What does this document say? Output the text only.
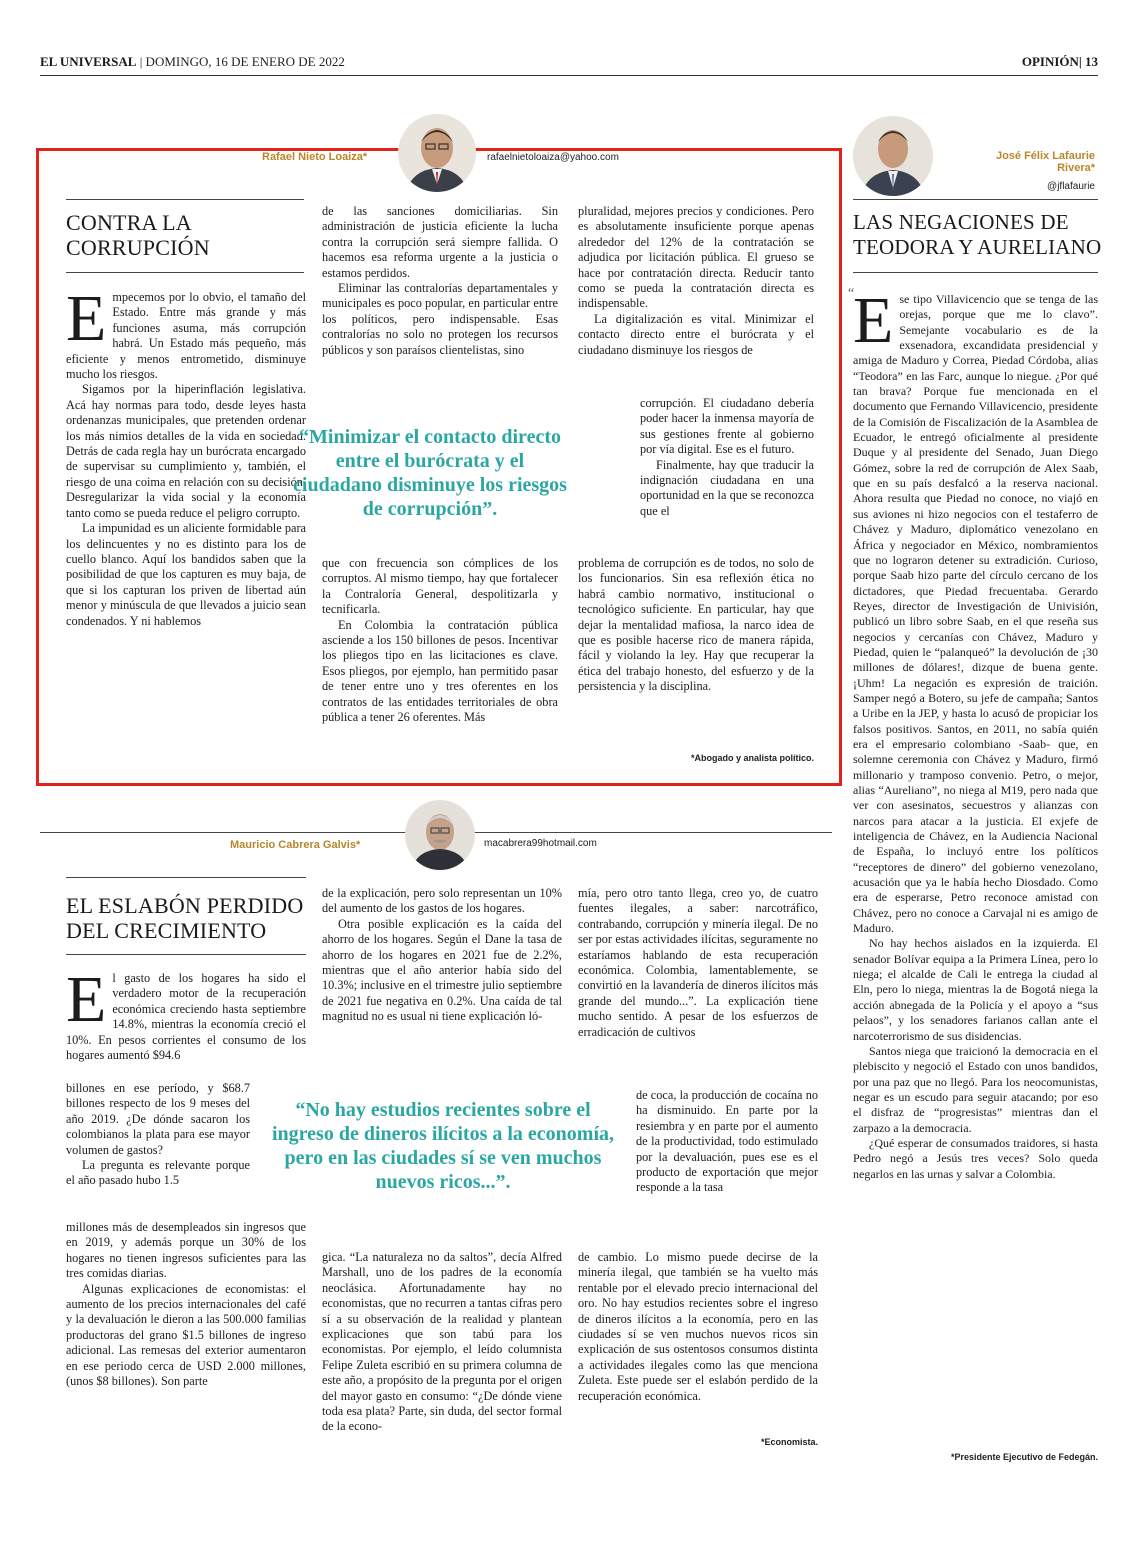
EL UNIVERSAL | DOMINGO, 16 DE ENERO DE 2022	OPINIÓN| 13
Rafael Nieto Loaiza*	rafaelnietoloaiza@yahoo.com
CONTRA LA CORRUPCIÓN

Empecemos por lo obvio, el tamaño del Estado. Entre más grande y más funciones asuma, más corrupción habrá. Un Estado más pequeño, más eficiente y menos entrometido, disminuye mucho los riesgos.

Sigamos por la hiperinflación legislativa. Acá hay normas para todo, desde leyes hasta ordenanzas municipales, que pretenden ordenar los más nimios detalles de la vida en sociedad. Detrás de cada regla hay un burócrata encargado de supervisar su cumplimiento y, también, el riesgo de una coima en relación con su decisión. Desregularizar la vida social y la economía tanto como se pueda reduce el peligro corrupto.

La impunidad es un aliciente formidable para los delincuentes y no es distinto para los de cuello blanco. Aquí los bandidos saben que la posibilidad de que los capturen es muy baja, de que si los capturan los priven de libertad aún menor y minúscula de que llevados a juicio sean condenados. Y ni hablemos

de las sanciones domiciliarias. Sin administración de justicia eficiente la lucha contra la corrupción será siempre fallida. O hacemos esa reforma urgente a la justicia o estamos perdidos.

Eliminar las contralorías departamentales y municipales es poco popular, en particular entre los políticos, pero indispensable. Esas contralorías no solo no protegen los recursos públicos y son paraísos clientelistas, sino

pluralidad, mejores precios y condiciones. Pero es absolutamente insuficiente porque apenas alrededor del 12% de la contratación se adjudica por licitación pública. El grueso se hace por contratación directa. Reducir tanto como se pueda la contratación directa es indispensable.

La digitalización es vital. Minimizar el contacto directo entre el burócrata y el ciudadano disminuye los riesgos de

“Minimizar el contacto directo entre el burócrata y el ciudadano disminuye los riesgos de corrupción”.

corrupción. El ciudadano debería poder hacer la inmensa mayoría de sus gestiones frente al gobierno por vía digital. Ese es el futuro.

Finalmente, hay que traducir la indignación ciudadana en una oportunidad en la que se reconozca que el

que con frecuencia son cómplices de los corruptos. Al mismo tiempo, hay que fortalecer la Contraloría General, despolitizarla y tecnificarla.

En Colombia la contratación pública asciende a los 150 billones de pesos. Incentivar los pliegos tipo en las licitaciones es clave. Esos pliegos, por ejemplo, han permitido pasar de tener entre uno y tres oferentes en los contratos de las entidades territoriales de obra pública a tener 26 oferentes. Más

problema de corrupción es de todos, no solo de los funcionarios. Sin esa reflexión ética no habrá cambio normativo, institucional o tecnológico suficiente. En particular, hay que dejar la mentalidad mafiosa, la narco idea de que es posible hacerse rico de manera rápida, fácil y violando la ley. Hay que recuperar la ética del trabajo honesto, del esfuerzo y de la persistencia y la disciplina.

*Abogado y analista político.
Mauricio Cabrera Galvis*	macabrera99hotmail.com
EL ESLABÓN PERDIDO DEL CRECIMIENTO

El gasto de los hogares ha sido el verdadero motor de la recuperación económica creciendo hasta septiembre 14.8%, mientras la economía creció el 10%. En pesos corrientes el consumo de los hogares aumentó $94.6

billones en ese período, y $68.7 billones respecto de los 9 meses del año 2019. ¿De dónde sacaron los colombianos la plata para ese mayor volumen de gastos?

La pregunta es relevante porque el año pasado hubo 1.5

millones más de desempleados sin ingresos que en 2019, y además porque un 30% de los hogares no tienen ingresos suficientes para las tres comidas diarias.

Algunas explicaciones de economistas: el aumento de los precios internacionales del café y la devaluación le dieron a las 500.000 familias productoras del grano $1.5 billones de ingreso adicional. Las remesas del exterior aumentaron en ese periodo cerca de USD 2.000 millones, (unos $8 billones). Son parte

de la explicación, pero solo representan un 10% del aumento de los gastos de los hogares.

Otra posible explicación es la caída del ahorro de los hogares. Según el Dane la tasa de ahorro de los hogares en 2021 fue de 2.2%, mientras que el año anterior había sido del 10.3%; inclusive en el trimestre julio septiembre de 2021 fue negativa en 0.2%. Una caída de tal magnitud no es usual ni tiene explicación ló-

mía, pero otro tanto llega, creo yo, de cuatro fuentes ilegales, a saber: narcotráfico, contrabando, corrupción y minería ilegal. De no ser por estas actividades ilícitas, seguramente no estaríamos hablando de esta recuperación económica. Colombia, lamentablemente, se convirtió en la lavandería de dineros ilícitos más grande del mundo...”. La explicación tiene mucho sentido. A pesar de los esfuerzos de erradicación de cultivos

“No hay estudios recientes sobre el ingreso de dineros ilícitos a la economía, pero en las ciudades sí se ven muchos nuevos ricos...”.

de coca, la producción de cocaína no ha disminuido. En parte por la resiembra y en parte por el aumento de la productividad, todo estimulado por la devaluación, pues ese es el producto de exportación que mejor responde a la tasa

gica. “La naturaleza no da saltos”, decía Alfred Marshall, uno de los padres de la economía neoclásica. Afortunadamente hay no economistas, que no recurren a tantas cifras pero sí a su observación de la realidad y plantean explicaciones que son tabú para los economistas. Por ejemplo, el leído columnista Felipe Zuleta escribió en su primera columna de este año, a propósito de la pregunta por el origen del mayor gasto en consumo: “¿De dónde viene toda esa plata? Parte, sin duda, del sector formal de la econo-

de cambio. Lo mismo puede decirse de la minería ilegal, que también se ha vuelto más rentable por el elevado precio internacional del oro. No hay estudios recientes sobre el ingreso de dineros ilícitos a la economía, pero en las ciudades sí se ven muchos nuevos ricos sin explicación de sus ostentosos consumos distinta a actividades ilegales como las que menciona Zuleta. Este puede ser el eslabón perdido de la recuperación económica.

*Economista.
José Félix Lafaurie
Rivera*
@jflafaurie
LAS NEGACIONES DE TEODORA Y AURELIANO
“

Ese tipo Villavicencio que se tenga de las orejas, porque que me lo clavo”. Semejante vocabulario es de la exsenadora, excandidata presidencial y amiga de Maduro y Correa, Piedad Córdoba, alias “Teodora” en las Farc, aunque lo niegue. ¿Por qué tan brava? Porque fue mencionada en el documento que Fernando Villavicencio, presidente de la Comisión de Fiscalización de la Asamblea de Ecuador, le entregó oficialmente al presidente Duque y al presidente del Senado, Juan Diego Gómez, sobre la red de corrupción de Alex Saab, que en su país desfalcó a la reserva nacional. Ahora resulta que Piedad no conoce, no viajó en sus aviones ni hizo negocios con el testaferro de Chávez y Maduro, diplomático venezolano en África y negociador en México, nombramientos que no lograron detener su extradición. Curioso, porque Saab hizo parte del círculo cercano de los dictadores, que Piedad frecuentaba. Gerardo Reyes, director de Investigación de Univisión, publicó un libro sobre Saab, en el que reseña sus negocios y cercanías con Chávez, Maduro y Piedad, quien le “palanqueó” la devolución de ¡30 millones de dólares!, dizque de buena gente. ¡Uhm! La negación es expresión de traición. Samper negó a Botero, su jefe de campaña; Santos a Uribe en la JEP, y hasta lo acusó de propiciar los falsos positivos. Santos, en 2011, no sabía quién era el empresario colombiano -Saab- que, en solemne ceremonia con Chávez y Maduro, firmó millonario y tramposo convenio. Petro, o mejor, alias “Aureliano”, no niega al M19, pero nada que ver con asesinatos, secuestros y alianzas con narcos para atacar a la justicia. El exjefe de inteligencia de Chávez, en la Audiencia Nacional de España, lo incluyó entre los políticos “receptores de dinero” del gobierno venezolano, acusación que ya le había hecho Diosdado. Como era de esperarse, Petro reconoce amistad con Chávez, pero no conoce a Carvajal ni es amigo de Maduro.

No hay hechos aislados en la izquierda. El senador Bolívar equipa a la Primera Línea, pero lo niega; el alcalde de Cali le entrega la ciudad al Eln, pero lo niega, mientras la de Bogotá niega la acción abnegada de la Policía y el apoyo a “sus pelaos”, y los senadores farianos callan ante el narcoterrorismo de sus disidencias.

Santos niega que traicionó la democracia en el plebiscito y negoció el Estado con unos bandidos, por una paz que no llegó. Para los neocomunistas, negar es un escudo para seguir atacando; por eso el disfraz de “progresistas” mientras dan el zarpazo a la democracia.

¿Qué esperar de consumados traidores, si hasta Pedro negó a Jesús tres veces? Solo queda negarlos en las urnas y salvar a Colombia.

*Presidente Ejecutivo de Fedegán.
